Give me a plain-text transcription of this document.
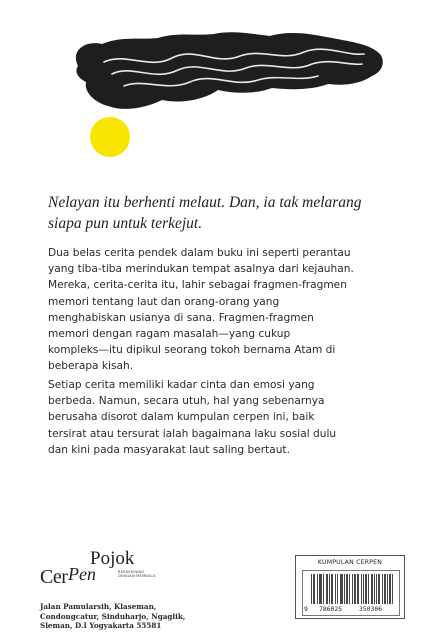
Nelayan itu berhenti melaut. Dan, ia tak melarang
siapa pun untuk terkejut.
Dua belas cerita pendek dalam buku ini seperti perantau
yang tiba-tiba merindukan tempat asalnya dari kejauhan.
Mereka, cerita-cerita itu, lahir sebagai fragmen-fragmen
memori tentang laut dan orang-orang yang
menghabiskan usianya di sana. Fragmen-fragmen
memori dengan ragam masalah—yang cukup
kompleks—itu dipikul seorang tokoh bernama Atam di
beberapa kisah.
Setiap cerita memiliki kadar cinta dan emosi yang
berbeda. Namun, secara utuh, hal yang sebenarnya
berusaha disorot dalam kumpulan cerpen ini, baik
tersirat atau tersurat ialah bagaimana laku sosial dulu
dan kini pada masyarakat laut saling bertaut.
Pojok
Cer Pen	BERKENYANG DENGAN MEMBACA
Jalan Pamularsih, Klaseman,
Condongcatur, Sinduharjo, Ngaglik,
Sleman, D.I Yogyakarta 55581
KUMPULAN CERPEN
9 786025	350306
